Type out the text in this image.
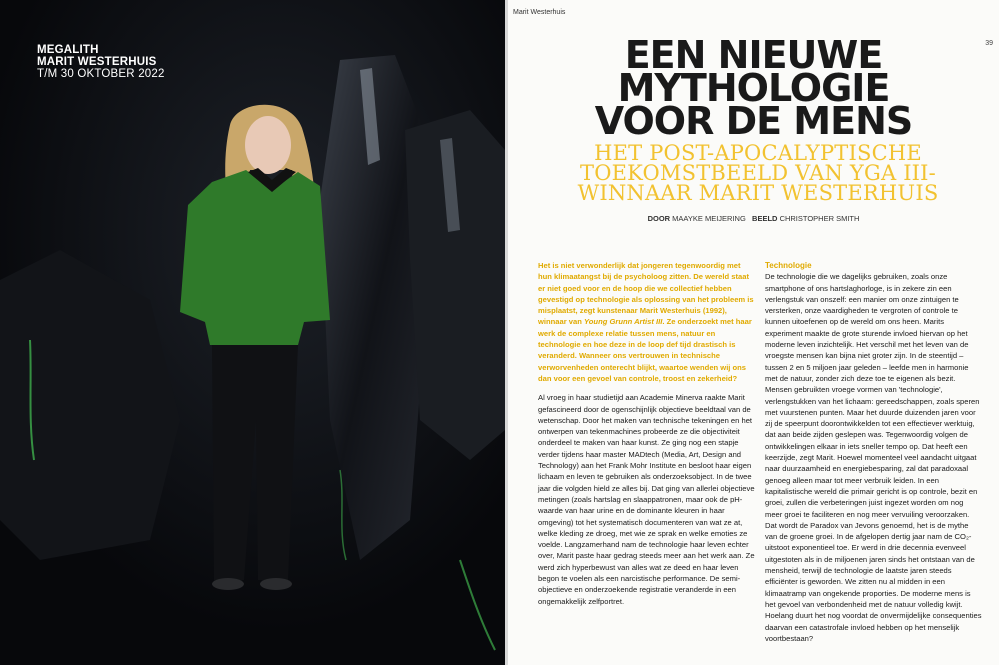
MEGALITH
MARIT WESTERHUIS
T/M 30 OKTOBER 2022
Marit Westerhuis
39
EEN NIEUWE
MYTHOLOGIE
VOOR DE MENS
HET POST-APOCALYPTISCHE
TOEKOMSTBEELD VAN YGA III-
WINNAAR MARIT WESTERHUIS
DOOR MAAYKE MEIJERING BEELD CHRISTOPHER SMITH

Het is niet verwonderlijk dat jongeren tegenwoordig met hun klimaatangst bij de psycholoog zitten. De wereld staat er niet goed voor en de hoop die we collectief hebben gevestigd op technologie als oplossing van het probleem is misplaatst, zegt kunstenaar Marit Westerhuis (1992), winnaar van Young Grunn Artist III. Ze onderzoekt met haar werk de complexe relatie tussen mens, natuur en technologie en hoe deze in de loop def tijd drastisch is veranderd. Wanneer ons vertrouwen in technische verworvenheden onterecht blijkt, waartoe wenden wij ons dan voor een gevoel van controle, troost en zekerheid?

Al vroeg in haar studietijd aan Academie Minerva raakte Marit gefascineerd door de ogenschijnlijk objectieve beeldtaal van de wetenschap. Door het maken van technische tekeningen en het ontwerpen van tekenmachines probeerde ze die objectiviteit onderdeel te maken van haar kunst. Ze ging nog een stapje verder tijdens haar master MADtech (Media, Art, Design and Technology) aan het Frank Mohr Institute en besloot haar eigen lichaam en leven te gebruiken als onderzoeksobject. In de twee jaar die volgden hield ze alles bij. Dat ging van allerlei objectieve metingen (zoals hartslag en slaappatronen, maar ook de pH-waarde van haar urine en de dominante kleuren in haar omgeving) tot het systematisch documenteren van wat ze at, welke kleding ze droeg, met wie ze sprak en welke emoties ze voelde. Langzamerhand nam de technologie haar leven echter over, Marit paste haar gedrag steeds meer aan het werk aan. Ze werd zich hyperbewust van alles wat ze deed en haar leven begon te voelen als een narcistische performance. De semi-objectieve en onderzoekende registratie veranderde in een ongemakkelijk zelfportret.

Technologie

De technologie die we dagelijks gebruiken, zoals onze smartphone of ons hartslaghorloge, is in zekere zin een verlengstuk van onszelf: een manier om onze zintuigen te versterken, onze vaardigheden te vergroten of controle te kunnen uitoefenen op de wereld om ons heen. Marits experiment maakte de grote sturende invloed hiervan op het moderne leven inzichtelijk. Het verschil met het leven van de vroegste mensen kan bijna niet groter zijn. In de steentijd – tussen 2 en 5 miljoen jaar geleden – leefde men in harmonie met de natuur, zonder zich deze toe te eigenen als bezit. Mensen gebruikten vroege vormen van 'technologie', verlengstukken van het lichaam: gereedschappen, zoals speren met vuurstenen punten. Maar het duurde duizenden jaren voor zij de speerpunt doorontwikkelden tot een effectiever werktuig, dat aan beide zijden geslepen was. Tegenwoordig volgen de ontwikkelingen elkaar in iets sneller tempo op. Dat heeft een keerzijde, zegt Marit. Hoewel momenteel veel aandacht uitgaat naar duurzaamheid en energiebesparing, zal dat paradoxaal genoeg alleen maar tot meer verbruik leiden. In een kapitalistische wereld die primair gericht is op controle, bezit en groei, zullen die verbeteringen juist ingezet worden om nog meer groei te faciliteren en nog meer vervuiling veroorzaken. Dat wordt de Paradox van Jevons genoemd, het is de mythe van de groene groei. In de afgelopen dertig jaar nam de CO₂-uitstoot exponentieel toe. Er werd in drie decennia evenveel uitgestoten als in de miljoenen jaren sinds het ontstaan van de mensheid, terwijl de technologie de laatste jaren steeds efficiënter is geworden. We zitten nu al midden in een klimaatramp van ongekende proporties. De moderne mens is het gevoel van verbondenheid met de natuur volledig kwijt. Hoelang duurt het nog voordat de onvermijdelijke consequenties daarvan een catastrofale invloed hebben op het menselijk voortbestaan?
